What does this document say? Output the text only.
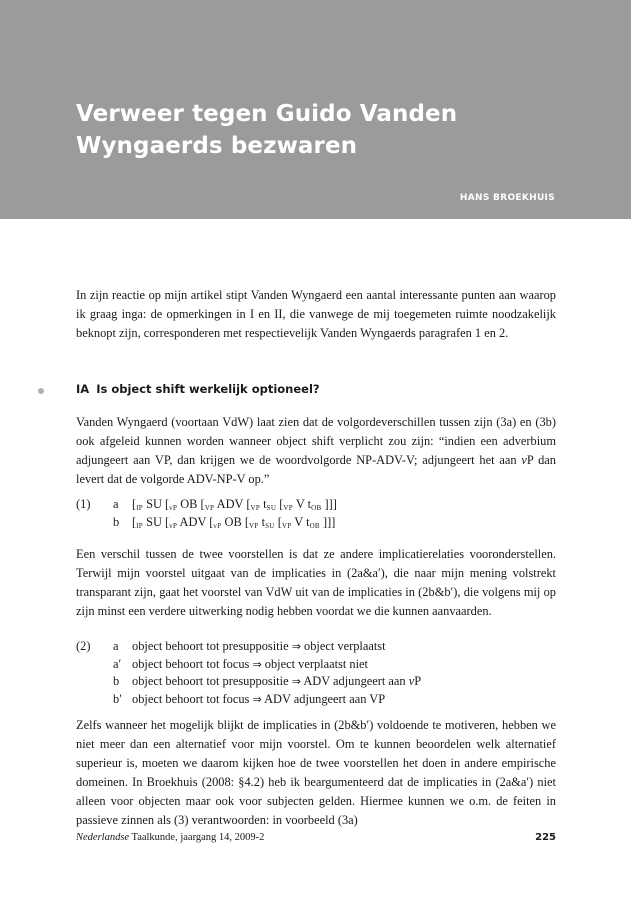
Verweer tegen Guido Vanden Wyngaerds bezwaren
HANS BROEKHUIS

In zijn reactie op mijn artikel stipt Vanden Wyngaerd een aantal interessante punten aan waarop ik graag inga: de opmerkingen in I en II, die vanwege de mij toegemeten ruimte noodzakelijk beknopt zijn, corresponderen met respectievelijk Vanden Wyngaerds paragrafen 1 en 2.

IA Is object shift werkelijk optioneel?

Vanden Wyngaerd (voortaan VdW) laat zien dat de volgordeverschillen tussen zijn (3a) en (3b) ook afgeleid kunnen worden wanneer object shift verplicht zou zijn: “indien een adverbium adjungeert aan VP, dan krijgen we de woordvolgorde NP-ADV-V; adjungeert het aan vP dan levert dat de volgorde ADV-NP-V op.”

(1)	a	[$_{IP}$ SU [$_{vP}$ OB [$_{VP}$ ADV [$_{VP}$ $t_{SU}$ [$_{VP}$ V $t_{OB}$ ]]]
b	[$_{IP}$ SU [$_{vP}$ ADV [$_{vP}$ OB [$_{VP}$ $t_{SU}$ [$_{VP}$ V $t_{OB}$ ]]]

Een verschil tussen de twee voorstellen is dat ze andere implicatierelaties vooronderstellen. Terwijl mijn voorstel uitgaat van de implicaties in (2a&a′), die naar mijn mening volstrekt transparant zijn, gaat het voorstel van VdW uit van de implicaties in (2b&b′), die volgens mij op zijn minst een verdere uitwerking nodig hebben voordat we die kunnen aanvaarden.

(2)	a	object behoort tot presuppositie ⇒ object verplaatst
a′ object behoort tot focus ⇒ object verplaatst niet
b	object behoort tot presuppositie ⇒ ADV adjungeert aan vP
b′ object behoort tot focus ⇒ ADV adjungeert aan VP

Zelfs wanneer het mogelijk blijkt de implicaties in (2b&b′) voldoende te motiveren, hebben we niet meer dan een alternatief voor mijn voorstel. Om te kunnen beoordelen welk alternatief superieur is, moeten we daarom kijken hoe de twee voorstellen het doen in andere empirische domeinen. In Broekhuis (2008: §4.2) heb ik beargumenteerd dat de implicaties in (2a&a′) niet alleen voor objecten maar ook voor subjecten gelden. Hiermee kunnen we o.m. de feiten in passieve zinnen als (3) verantwoorden: in voorbeeld (3a)

Nederlandse Taalkunde, jaargang 14, 2009-2	225
